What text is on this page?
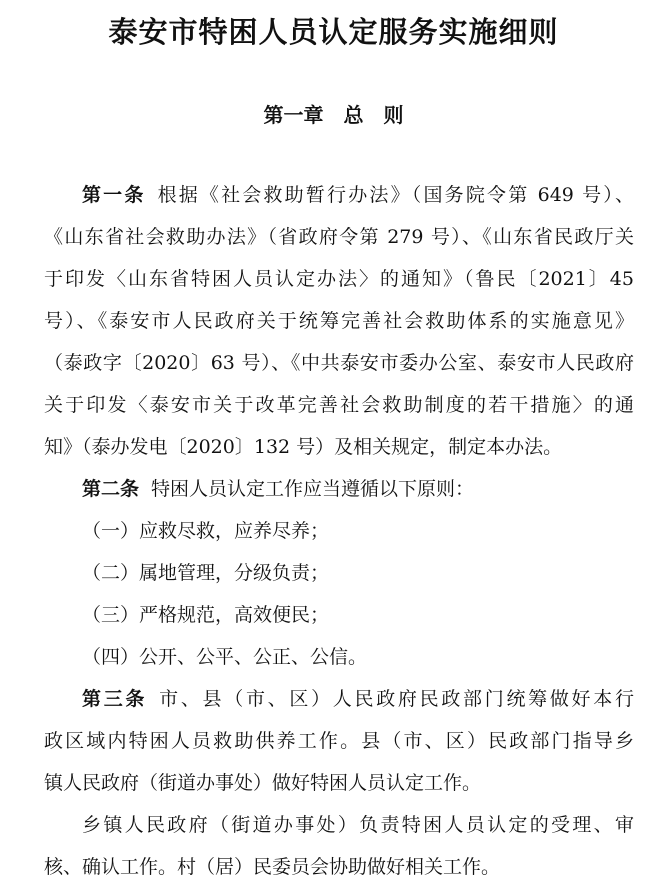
泰安市特困人员认定服务实施细则
第一章　总　则
第一条 根据《社会救助暂行办法》（国务院令第 649 号）、
《山东省社会救助办法》（省政府令第 279 号）、《山东省民政厅关
于印发〈山东省特困人员认定办法〉的通知》（鲁民〔2021〕45
号）、《泰安市人民政府关于统筹完善社会救助体系的实施意见》
（泰政字〔2020〕63 号）、《中共泰安市委办公室、泰安市人民政府
关于印发〈泰安市关于改革完善社会救助制度的若干措施〉的通
知》（泰办发电〔2020〕132 号）及相关规定，制定本办法。
第二条 特困人员认定工作应当遵循以下原则：
（一）应救尽救，应养尽养；
（二）属地管理，分级负责；
（三）严格规范，高效便民；
（四）公开、公平、公正、公信。
第三条 市、县（市、区）人民政府民政部门统筹做好本行
政区域内特困人员救助供养工作。县（市、区）民政部门指导乡
镇人民政府（街道办事处）做好特困人员认定工作。
乡镇人民政府（街道办事处）负责特困人员认定的受理、审
核、确认工作。村（居）民委员会协助做好相关工作。
